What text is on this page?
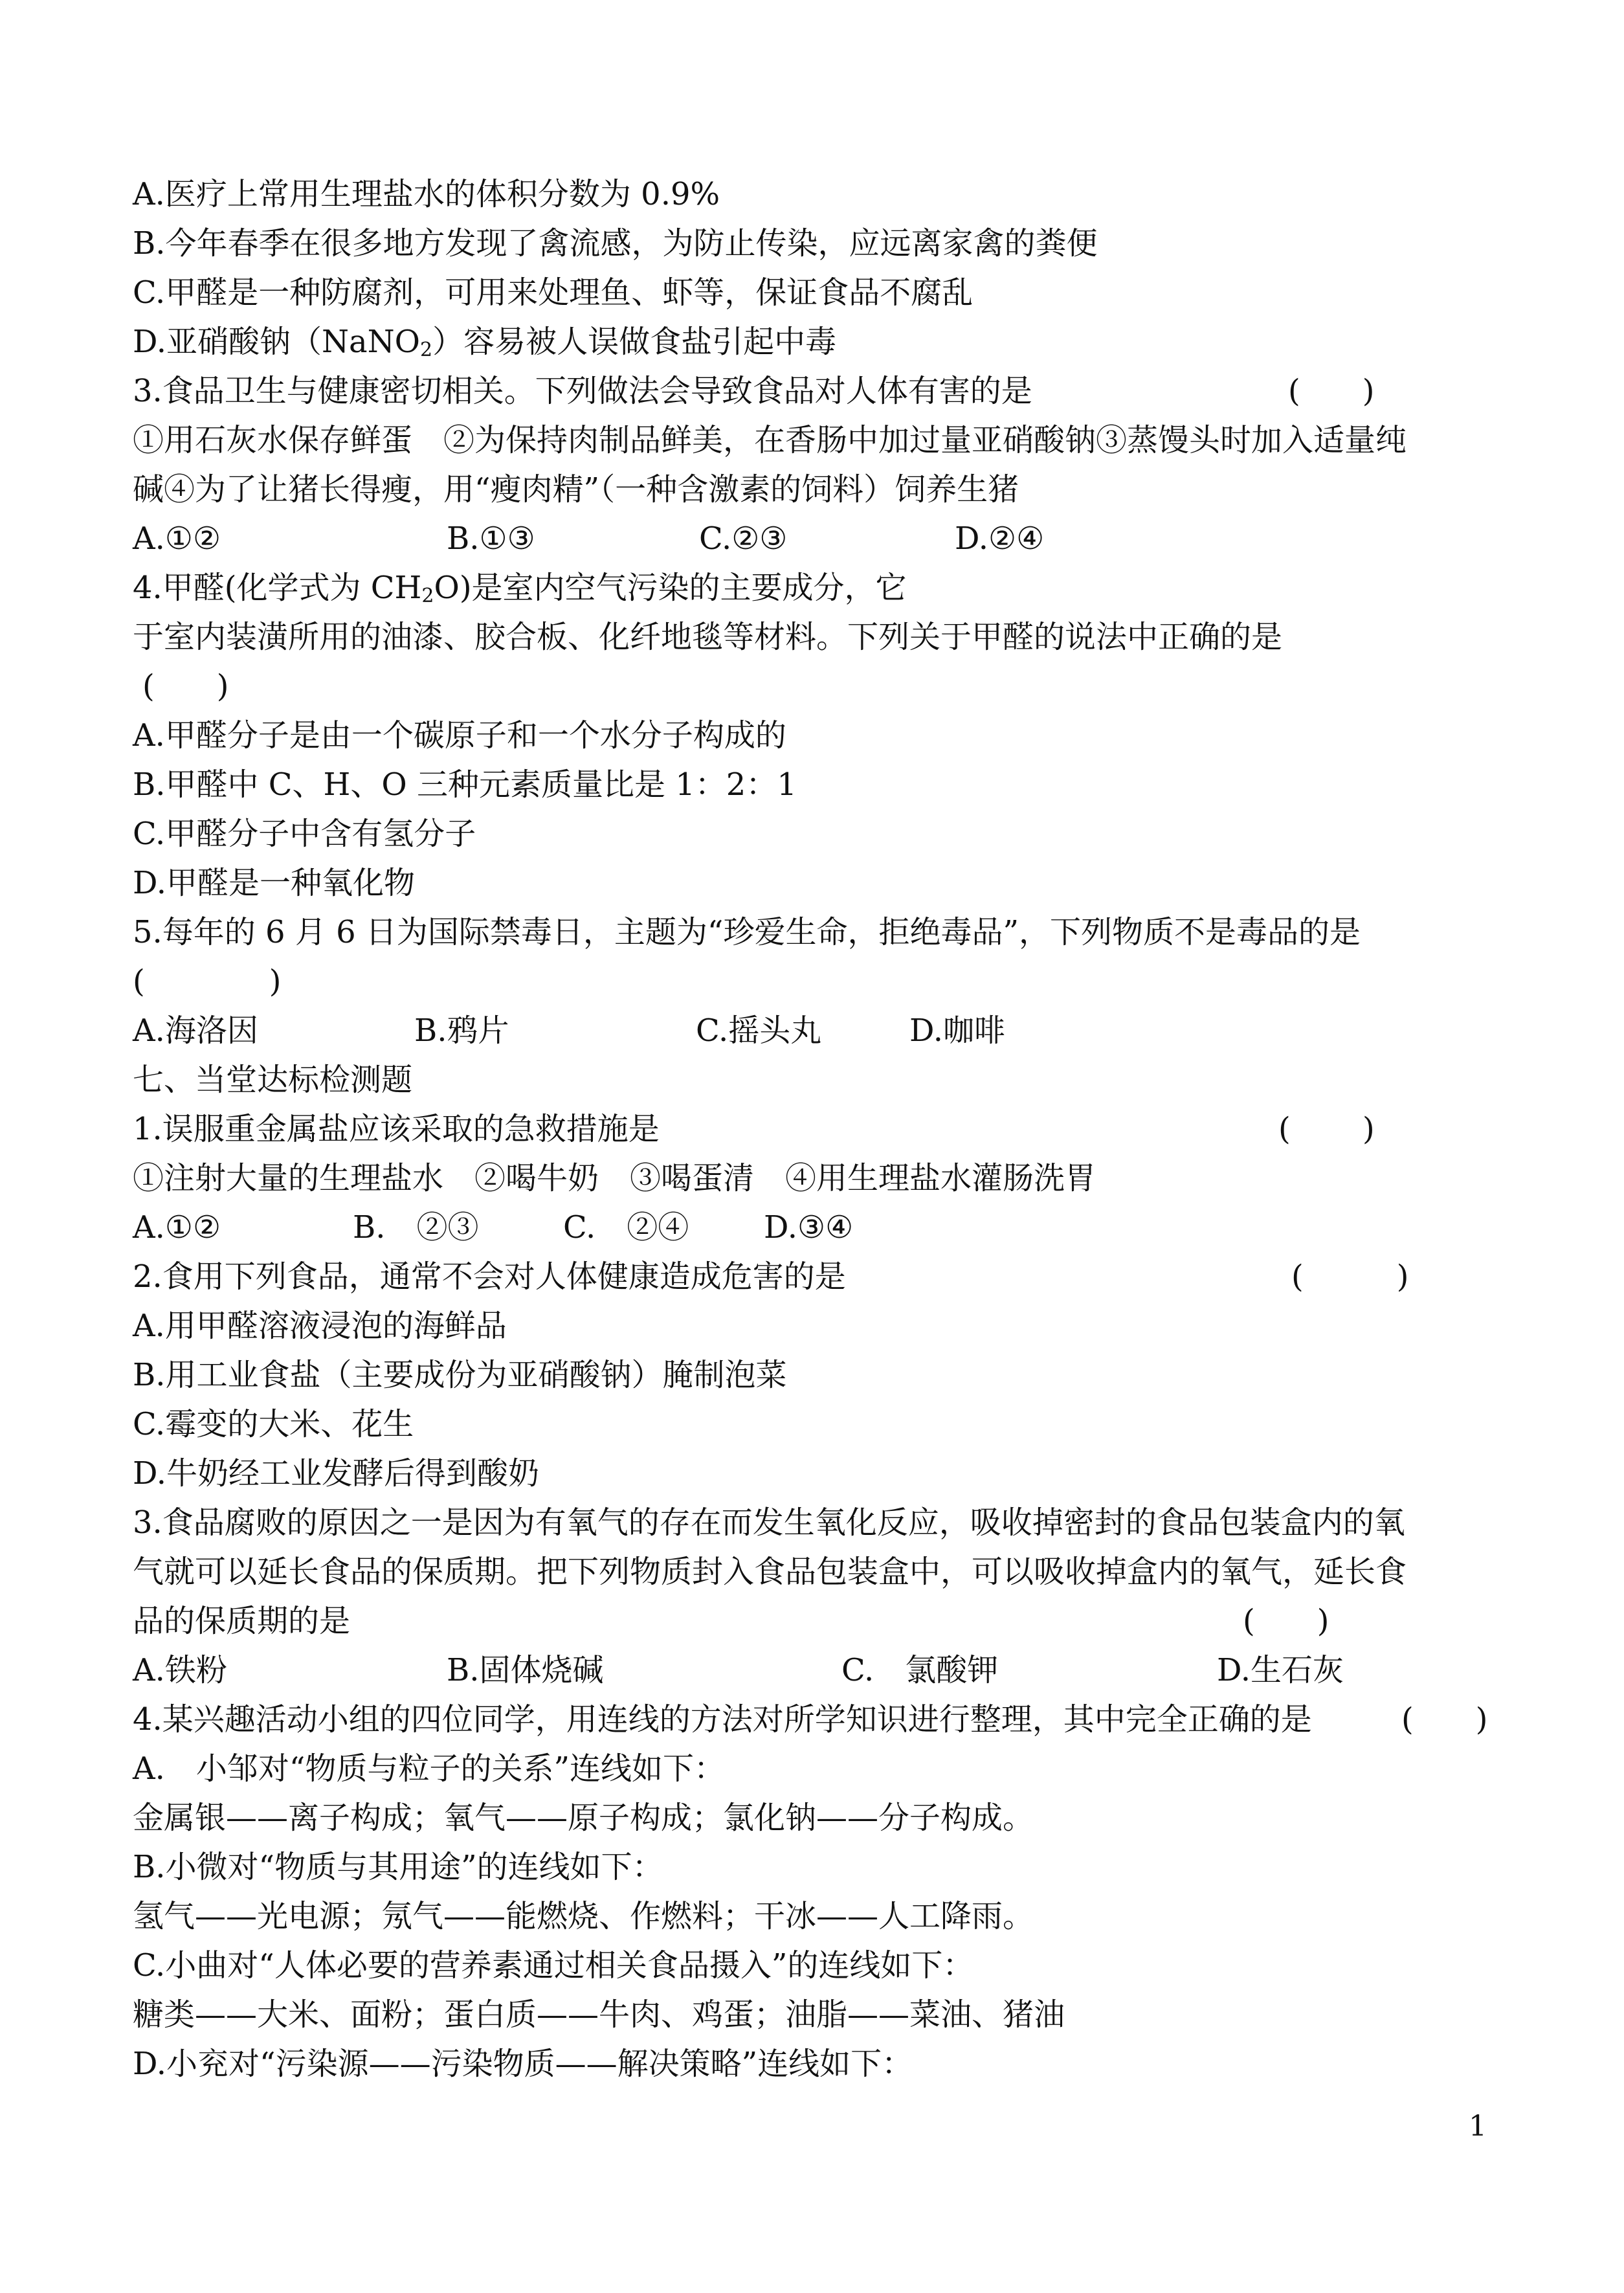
A.医疗上常用生理盐水的体积分数为 0.9%
B.今年春季在很多地方发现了禽流感，为防止传染，应远离家禽的粪便
C.甲醛是一种防腐剂，可用来处理鱼、虾等，保证食品不腐乱
D.亚硝酸钠（NaNO$_2$）容易被人误做食盐引起中毒
3.食品卫生与健康密切相关。下列做法会导致食品对人体有害的是	(　　)
①用石灰水保存鲜蛋　②为保持肉制品鲜美，在香肠中加过量亚硝酸钠③蒸馒头时加入适量纯
碱④为了让猪长得瘦，用“瘦肉精”（一种含激素的饲料）饲养生猪
A.①②	B.①③	C.②③	D.②④
4.甲醛(化学式为 $CH_2O$)是室内空气污染的主要成分，它
于室内装潢所用的油漆、胶合板、化纤地毯等材料。下列关于甲醛的说法中正确的是
(　　)
A.甲醛分子是由一个碳原子和一个水分子构成的
B.甲醛中 C、H、O 三种元素质量比是 1：2：1
C.甲醛分子中含有氢分子
D.甲醛是一种氧化物
5.每年的 6 月 6 日为国际禁毒日，主题为“珍爱生命，拒绝毒品”，下列物质不是毒品的是
(　　　　)
A.海洛因	B.鸦片	C.摇头丸	D.咖啡
七、当堂达标检测题
1.误服重金属盐应该采取的急救措施是	(　　 )
①注射大量的生理盐水　②喝牛奶　③喝蛋清　④用生理盐水灌肠洗胃
A.①②	B.　②③	C.　②④ D.③④
2.食用下列食品，通常不会对人体健康造成危害的是	(　　　)
A.用甲醛溶液浸泡的海鲜品
B.用工业食盐（主要成份为亚硝酸钠）腌制泡菜
C.霉变的大米、花生
D.牛奶经工业发酵后得到酸奶
3.食品腐败的原因之一是因为有氧气的存在而发生氧化反应，吸收掉密封的食品包装盒内的氧
气就可以延长食品的保质期。把下列物质封入食品包装盒中，可以吸收掉盒内的氧气，延长食
品的保质期的是	(　　)
A.铁粉	B.固体烧碱	C.　氯酸钾	D.生石灰
4.某兴趣活动小组的四位同学，用连线的方法对所学知识进行整理，其中完全正确的是	(　　)
A.　小邹对“物质与粒子的关系”连线如下：
金属银——离子构成；氧气——原子构成；氯化钠——分子构成。
B.小微对“物质与其用途”的连线如下：
氢气——光电源；氖气——能燃烧、作燃料；干冰——人工降雨。
C.小曲对“人体必要的营养素通过相关食品摄入”的连线如下：
糖类——大米、面粉；蛋白质——牛肉、鸡蛋；油脂——菜油、猪油
D.小兖对“污染源——污染物质——解决策略”连线如下：
1
